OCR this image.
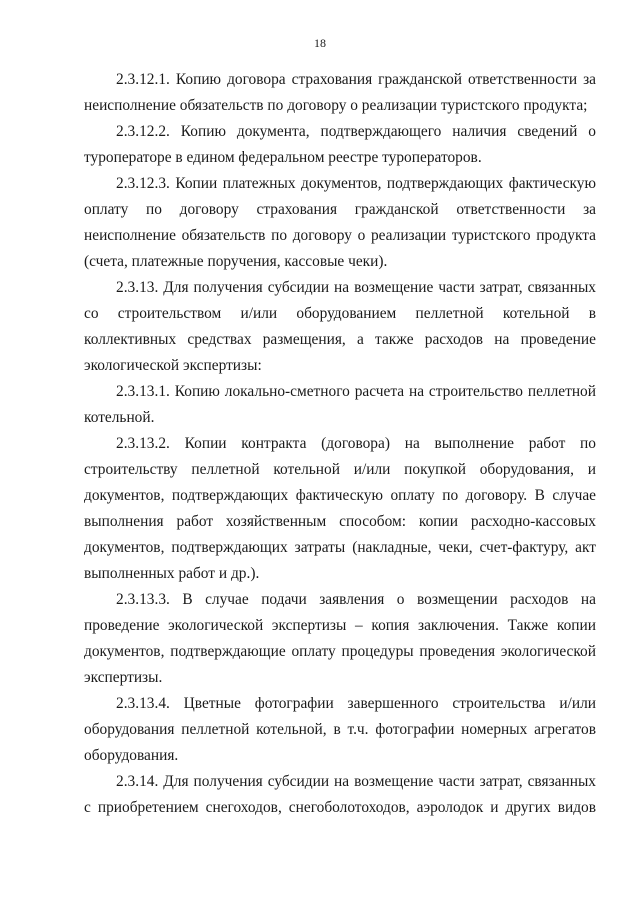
18

2.3.12.1. Копию договора страхования гражданской ответственности за неисполнение обязательств по договору о реализации туристского продукта;

2.3.12.2. Копию документа, подтверждающего наличия сведений о туроператоре в едином федеральном реестре туроператоров.

2.3.12.3. Копии платежных документов, подтверждающих фактическую оплату по договору страхования гражданской ответственности за неисполнение обязательств по договору о реализации туристского продукта (счета, платежные поручения, кассовые чеки).

2.3.13. Для получения субсидии на возмещение части затрат, связанных со строительством и/или оборудованием пеллетной котельной в коллективных средствах размещения, а также расходов на проведение экологической экспертизы:

2.3.13.1. Копию локально-сметного расчета на строительство пеллетной котельной.

2.3.13.2. Копии контракта (договора) на выполнение работ по строительству пеллетной котельной и/или покупкой оборудования, и документов, подтверждающих фактическую оплату по договору. В случае выполнения работ хозяйственным способом: копии расходно-кассовых документов, подтверждающих затраты (накладные, чеки, счет-фактуру, акт выполненных работ и др.).

2.3.13.3. В случае подачи заявления о возмещении расходов на проведение экологической экспертизы – копия заключения. Также копии документов, подтверждающие оплату процедуры проведения экологической экспертизы.

2.3.13.4. Цветные фотографии завершенного строительства и/или оборудования пеллетной котельной, в т.ч. фотографии номерных агрегатов оборудования.

2.3.14. Для получения субсидии на возмещение части затрат, связанных с приобретением снегоходов, снегоболотоходов, аэролодок и других видов
